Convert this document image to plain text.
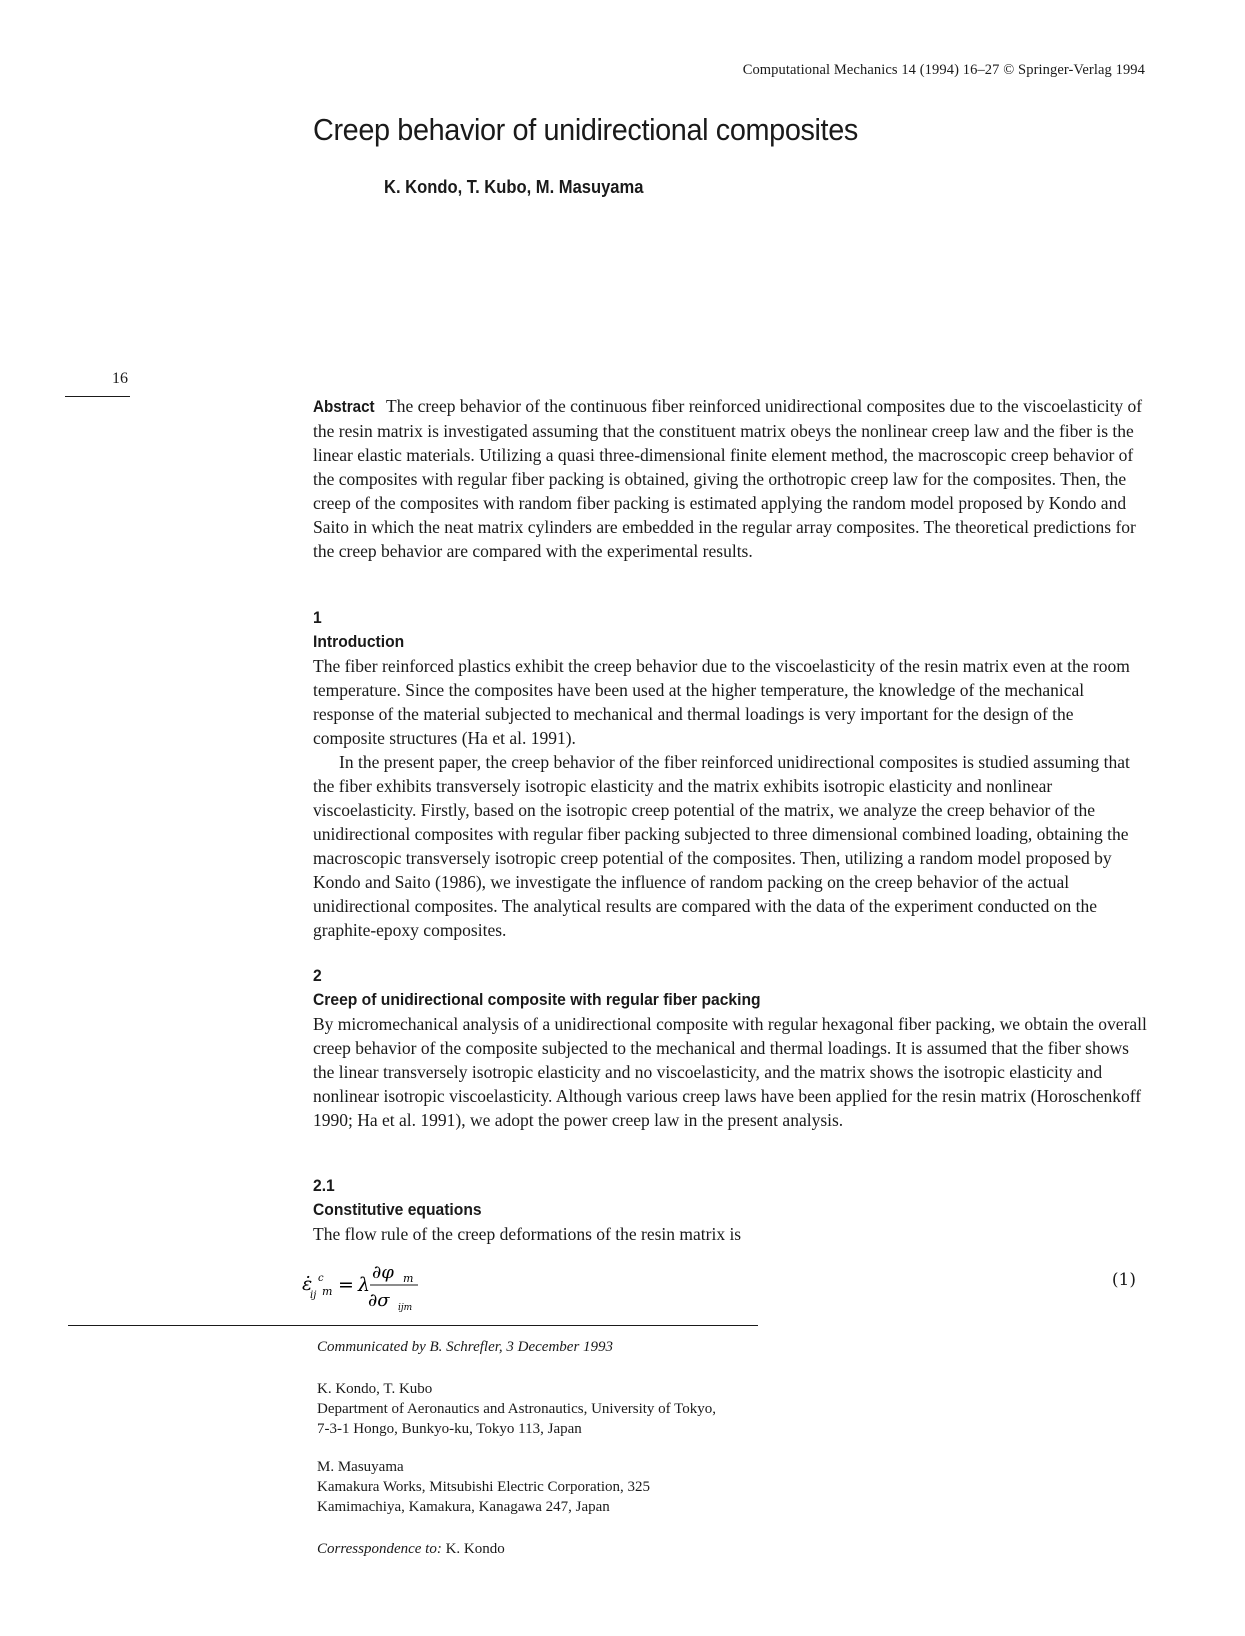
Computational Mechanics 14 (1994) 16–27 © Springer-Verlag 1994
Creep behavior of unidirectional composites
K. Kondo, T. Kubo, M. Masuyama
16

Abstract The creep behavior of the continuous fiber reinforced unidirectional composites due to the viscoelasticity of the resin matrix is investigated assuming that the constituent matrix obeys the nonlinear creep law and the fiber is the linear elastic materials. Utilizing a quasi three-dimensional finite element method, the macroscopic creep behavior of the composites with regular fiber packing is obtained, giving the orthotropic creep law for the composites. Then, the creep of the composites with random fiber packing is estimated applying the random model proposed by Kondo and Saito in which the neat matrix cylinders are embedded in the regular array composites. The theoretical predictions for the creep behavior are compared with the experimental results.

1
Introduction

The fiber reinforced plastics exhibit the creep behavior due to the viscoelasticity of the resin matrix even at the room temperature. Since the composites have been used at the higher temperature, the knowledge of the mechanical response of the material subjected to mechanical and thermal loadings is very important for the design of the composite structures (Ha et al. 1991).

In the present paper, the creep behavior of the fiber reinforced unidirectional composites is studied assuming that the fiber exhibits transversely isotropic elasticity and the matrix exhibits isotropic elasticity and nonlinear viscoelasticity. Firstly, based on the isotropic creep potential of the matrix, we analyze the creep behavior of the unidirectional composites with regular fiber packing subjected to three dimensional combined loading, obtaining the macroscopic transversely isotropic creep potential of the composites. Then, utilizing a random model proposed by Kondo and Saito (1986), we investigate the influence of random packing on the creep behavior of the actual unidirectional composites. The analytical results are compared with the data of the experiment conducted on the graphite-epoxy composites.

2
Creep of unidirectional composite with regular fiber packing

By micromechanical analysis of a unidirectional composite with regular hexagonal fiber packing, we obtain the overall creep behavior of the composite subjected to the mechanical and thermal loadings. It is assumed that the fiber shows the linear transversely isotropic elasticity and no viscoelasticity, and the matrix shows the isotropic elasticity and nonlinear isotropic viscoelasticity. Although various creep laws have been applied for the resin matrix (Horoschenkoff 1990; Ha et al. 1991), we adopt the power creep law in the present analysis.

2.1
Constitutive equations

The flow rule of the creep deformations of the resin matrix is

ε̇ c
ij m = λ
∂φ m
∂σ ijm
(1)

Communicated by B. Schrefler, 3 December 1993

K. Kondo, T. Kubo

Department of Aeronautics and Astronautics, University of Tokyo,

7-3-1 Hongo, Bunkyo-ku, Tokyo 113, Japan

M. Masuyama

Kamakura Works, Mitsubishi Electric Corporation, 325

Kamimachiya, Kamakura, Kanagawa 247, Japan

Corresspondence to: K. Kondo
